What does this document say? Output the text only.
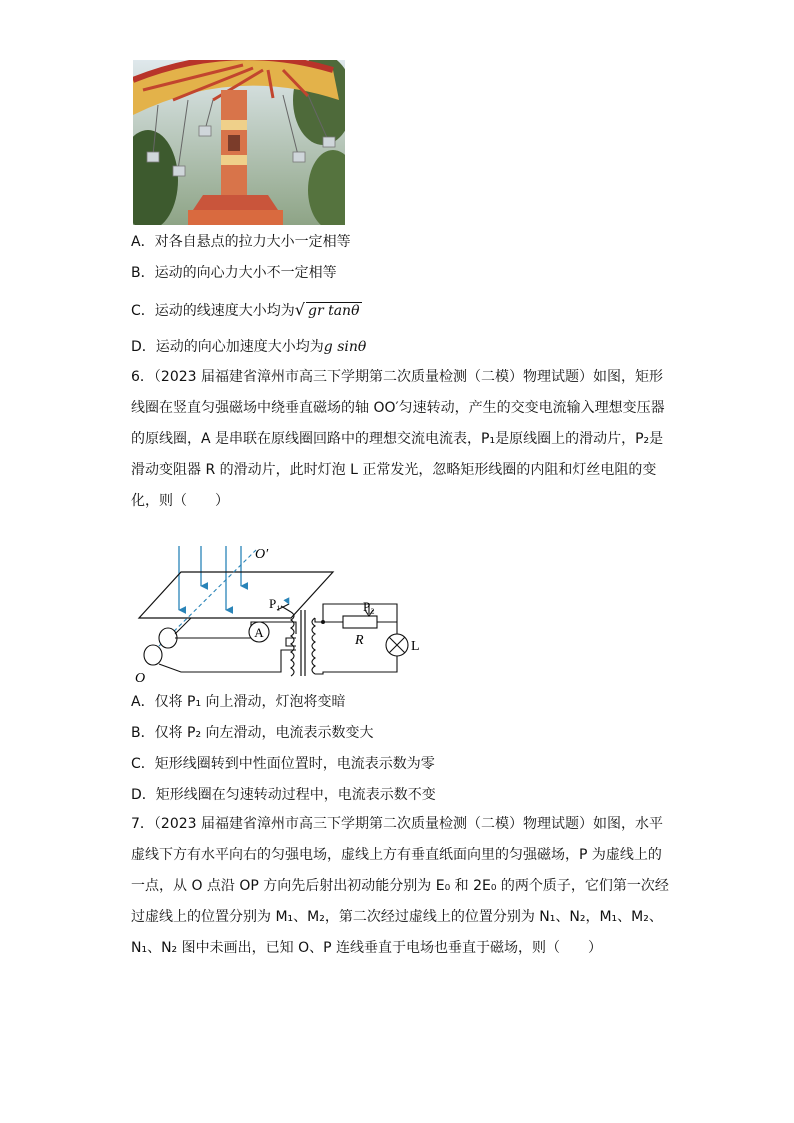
A．对各自悬点的拉力大小一定相等
B．运动的向心力大小不一定相等
C．运动的线速度大小均为√ gr tanθ
D．运动的向心加速度大小均为g sinθ
6．（2023 届福建省漳州市高三下学期第二次质量检测（二模）物理试题）如图，矩形
线圈在竖直匀强磁场中绕垂直磁场的轴 OO′匀速转动，产生的交变电流输入理想变压器
的原线圈，A 是串联在原线圈回路中的理想交流电流表，P₁是原线圈上的滑动片，P₂是
滑动变阻器 R 的滑动片，此时灯泡 L 正常发光，忽略矩形线圈的内阻和灯丝电阻的变
化，则（　　）
A
O′
O
P₁	P₂
R	L
A．仅将 P₁ 向上滑动，灯泡将变暗
B．仅将 P₂ 向左滑动，电流表示数变大
C．矩形线圈转到中性面位置时，电流表示数为零
D．矩形线圈在匀速转动过程中，电流表示数不变
7．（2023 届福建省漳州市高三下学期第二次质量检测（二模）物理试题）如图，水平
虚线下方有水平向右的匀强电场，虚线上方有垂直纸面向里的匀强磁场，P 为虚线上的
一点，从 O 点沿 OP 方向先后射出初动能分别为 E₀ 和 2E₀ 的两个质子，它们第一次经
过虚线上的位置分别为 M₁、M₂，第二次经过虚线上的位置分别为 N₁、N₂，M₁、M₂、
N₁、N₂ 图中未画出，已知 O、P 连线垂直于电场也垂直于磁场，则（　　）
